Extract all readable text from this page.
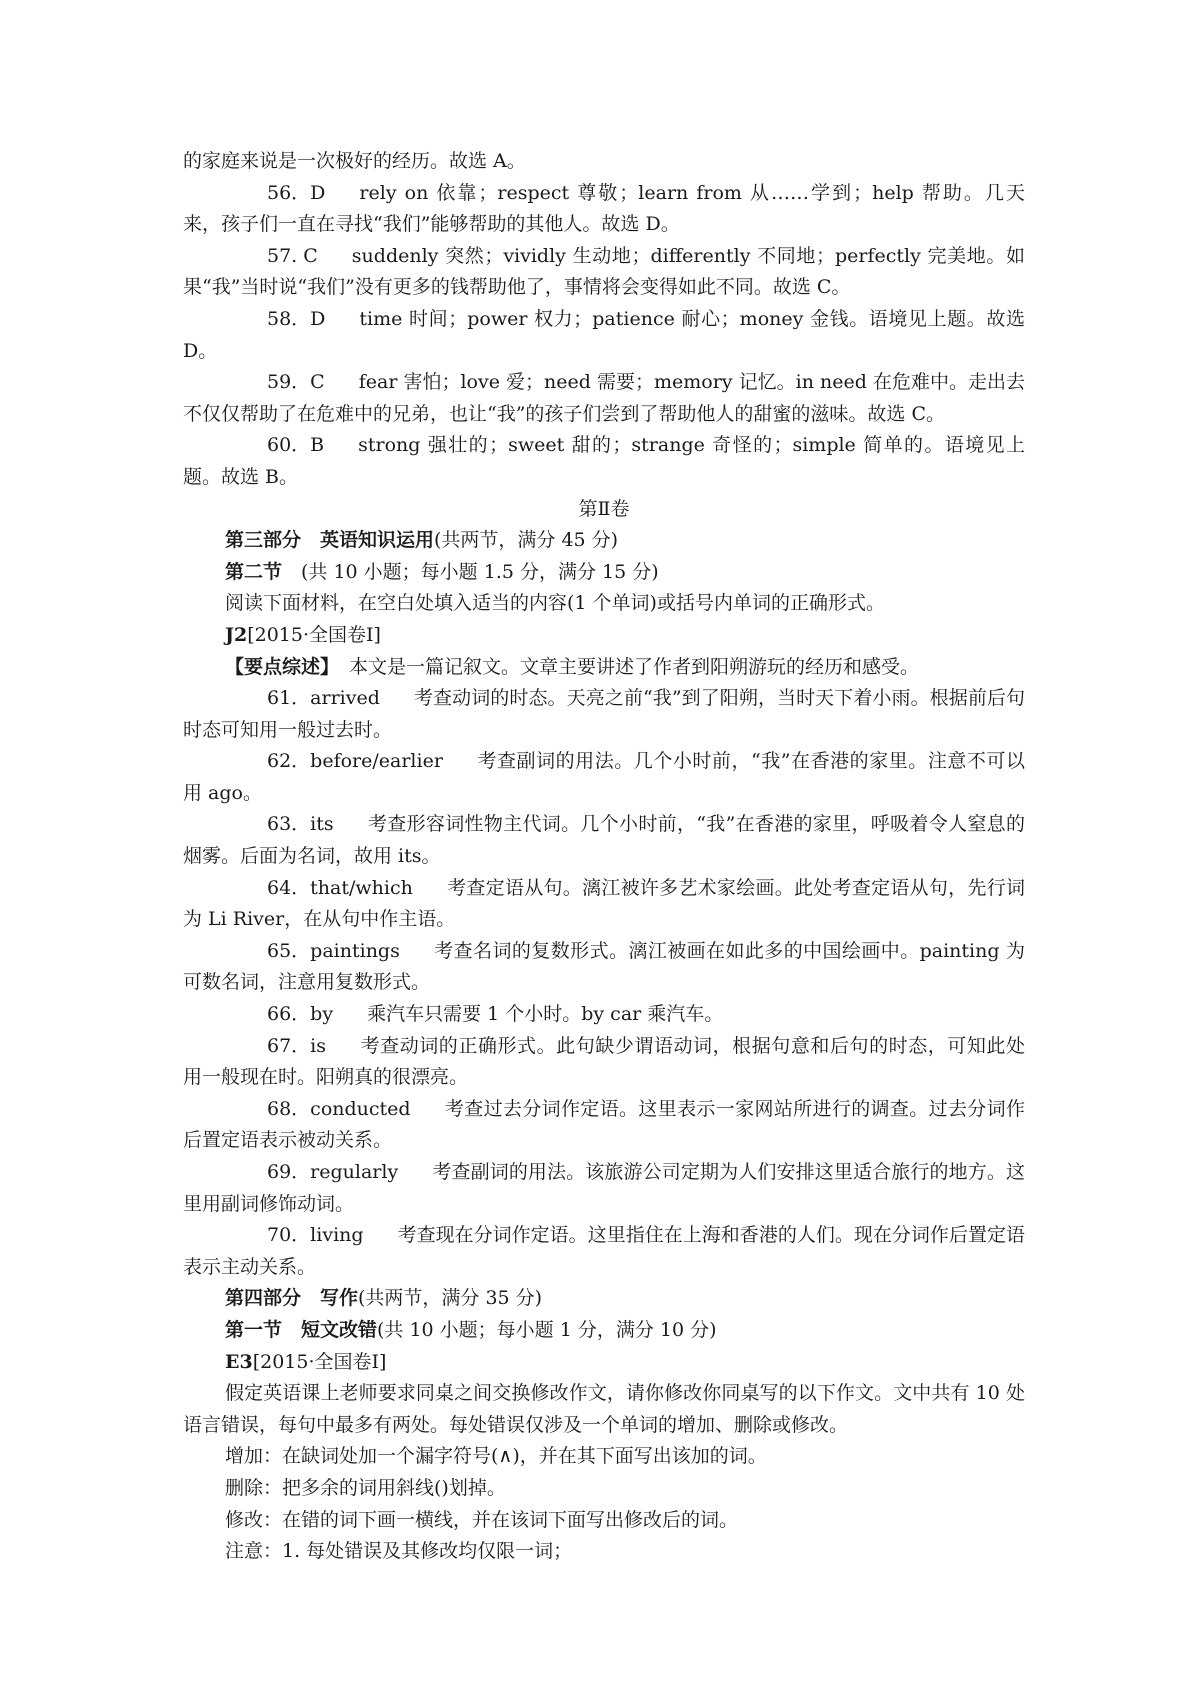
的家庭来说是一次极好的经历。故选 A。

56．D rely on 依靠；respect 尊敬；learn from 从……学到；help 帮助。几天来，孩子们一直在寻找“我们”能够帮助的其他人。故选 D。

57. C suddenly 突然；vividly 生动地；differently 不同地；perfectly 完美地。如果“我”当时说“我们”没有更多的钱帮助他了，事情将会变得如此不同。故选 C。

58．D time 时间；power 权力；patience 耐心；money 金钱。语境见上题。故选 D。

59．C fear 害怕；love 爱；need 需要；memory 记忆。in need 在危难中。走出去不仅仅帮助了在危难中的兄弟，也让“我”的孩子们尝到了帮助他人的甜蜜的滋味。故选 C。

60．B strong 强壮的；sweet 甜的；strange 奇怪的；simple 简单的。语境见上题。故选 B。

第Ⅱ卷

第三部分　英语知识运用(共两节，满分 45 分)

第二节　(共 10 小题；每小题 1.5 分，满分 15 分)

阅读下面材料，在空白处填入适当的内容(1 个单词)或括号内单词的正确形式。

J2[2015·全国卷Ⅰ]

【要点综述】 本文是一篇记叙文。文章主要讲述了作者到阳朔游玩的经历和感受。

61．arrived 考查动词的时态。天亮之前“我”到了阳朔，当时天下着小雨。根据前后句时态可知用一般过去时。

62．before/earlier 考查副词的用法。几个小时前，“我”在香港的家里。注意不可以用 ago。

63．its 考查形容词性物主代词。几个小时前，“我”在香港的家里，呼吸着令人窒息的烟雾。后面为名词，故用 its。

64．that/which 考查定语从句。漓江被许多艺术家绘画。此处考查定语从句，先行词为 Li River，在从句中作主语。

65．paintings 考查名词的复数形式。漓江被画在如此多的中国绘画中。painting 为可数名词，注意用复数形式。

66．by 乘汽车只需要 1 个小时。by car 乘汽车。

67．is 考查动词的正确形式。此句缺少谓语动词，根据句意和后句的时态，可知此处用一般现在时。阳朔真的很漂亮。

68．conducted 考查过去分词作定语。这里表示一家网站所进行的调查。过去分词作后置定语表示被动关系。

69．regularly 考查副词的用法。该旅游公司定期为人们安排这里适合旅行的地方。这里用副词修饰动词。

70．living 考查现在分词作定语。这里指住在上海和香港的人们。现在分词作后置定语表示主动关系。

第四部分　写作(共两节，满分 35 分)

第一节　短文改错(共 10 小题；每小题 1 分，满分 10 分)

E3[2015·全国卷Ⅰ]

假定英语课上老师要求同桌之间交换修改作文，请你修改你同桌写的以下作文。文中共有 10 处语言错误，每句中最多有两处。每处错误仅涉及一个单词的增加、删除或修改。

增加：在缺词处加一个漏字符号(∧)，并在其下面写出该加的词。

删除：把多余的词用斜线()划掉。

修改：在错的词下画一横线，并在该词下面写出修改后的词。

注意：1. 每处错误及其修改均仅限一词；
